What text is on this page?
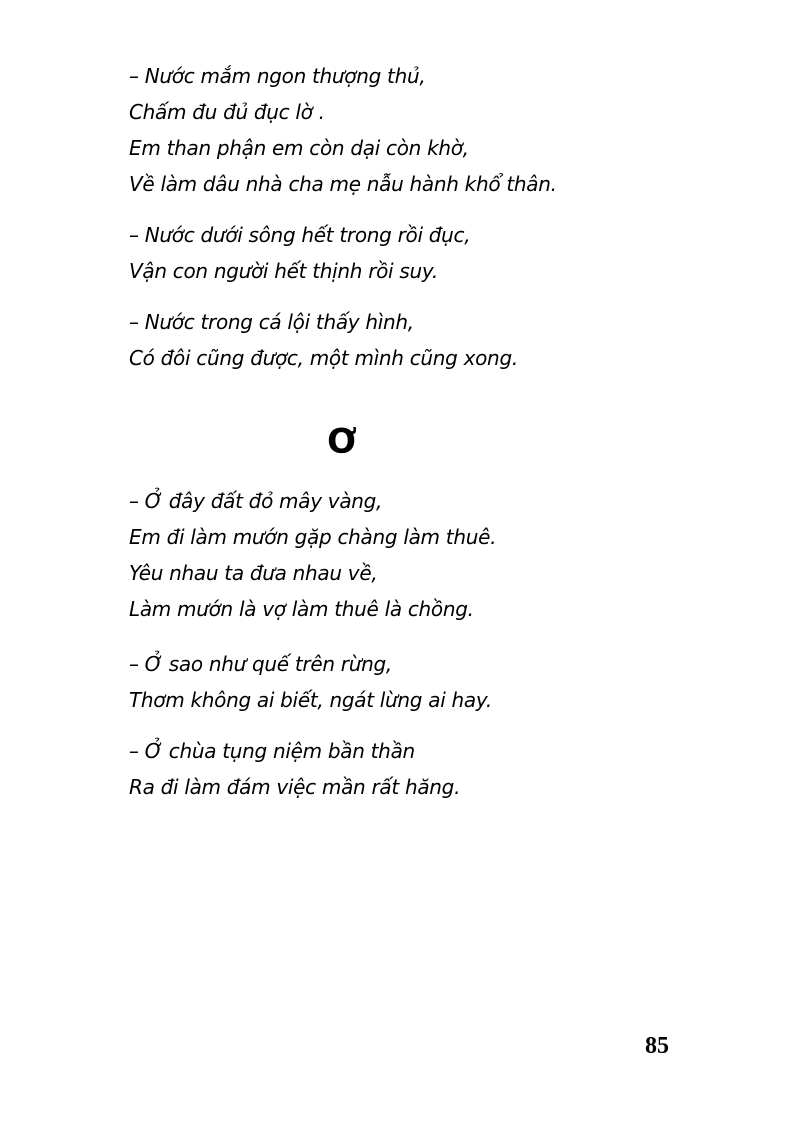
– Nước mắm ngon thượng thủ,
Chấm đu đủ đục lờ .
Em than phận em còn dại còn khờ,
Về làm dâu nhà cha mẹ nẫu hành khổ thân.
– Nước dưới sông hết trong rồi đục,
Vận con người hết thịnh rồi suy.
– Nước trong cá lội thấy hình,
Có đôi cũng được, một mình cũng xong.
Ơ
– Ở đây đất đỏ mây vàng,
Em đi làm mướn gặp chàng làm thuê.
Yêu nhau ta đưa nhau về,
Làm mướn là vợ làm thuê là chồng.
– Ở sao như quế trên rừng,
Thơm không ai biết, ngát lừng ai hay.
– Ở chùa tụng niệm bần thần
Ra đi làm đám việc mần rất hăng.
85
